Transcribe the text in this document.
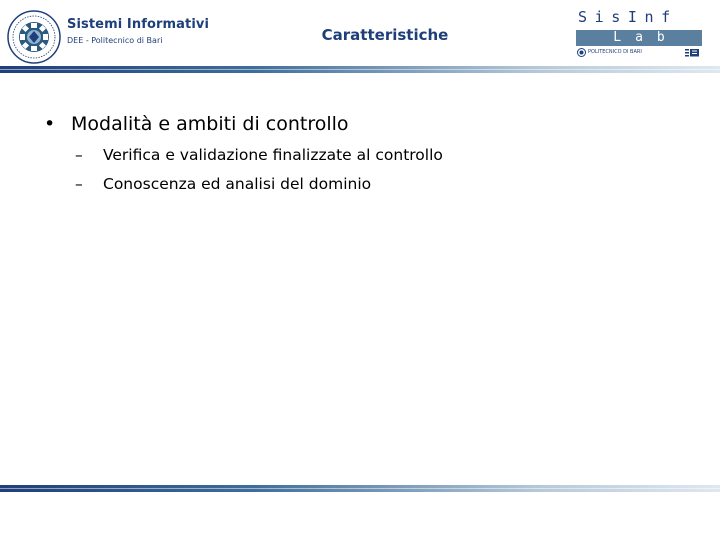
Sistemi Informativi
DEE - Politecnico di Bari	Caratteristiche
SisInf
Lab
POLITECNICO DI BARI
• Modalità e ambiti di controllo
– Verifica e validazione finalizzate al controllo
– Conoscenza ed analisi del dominio
